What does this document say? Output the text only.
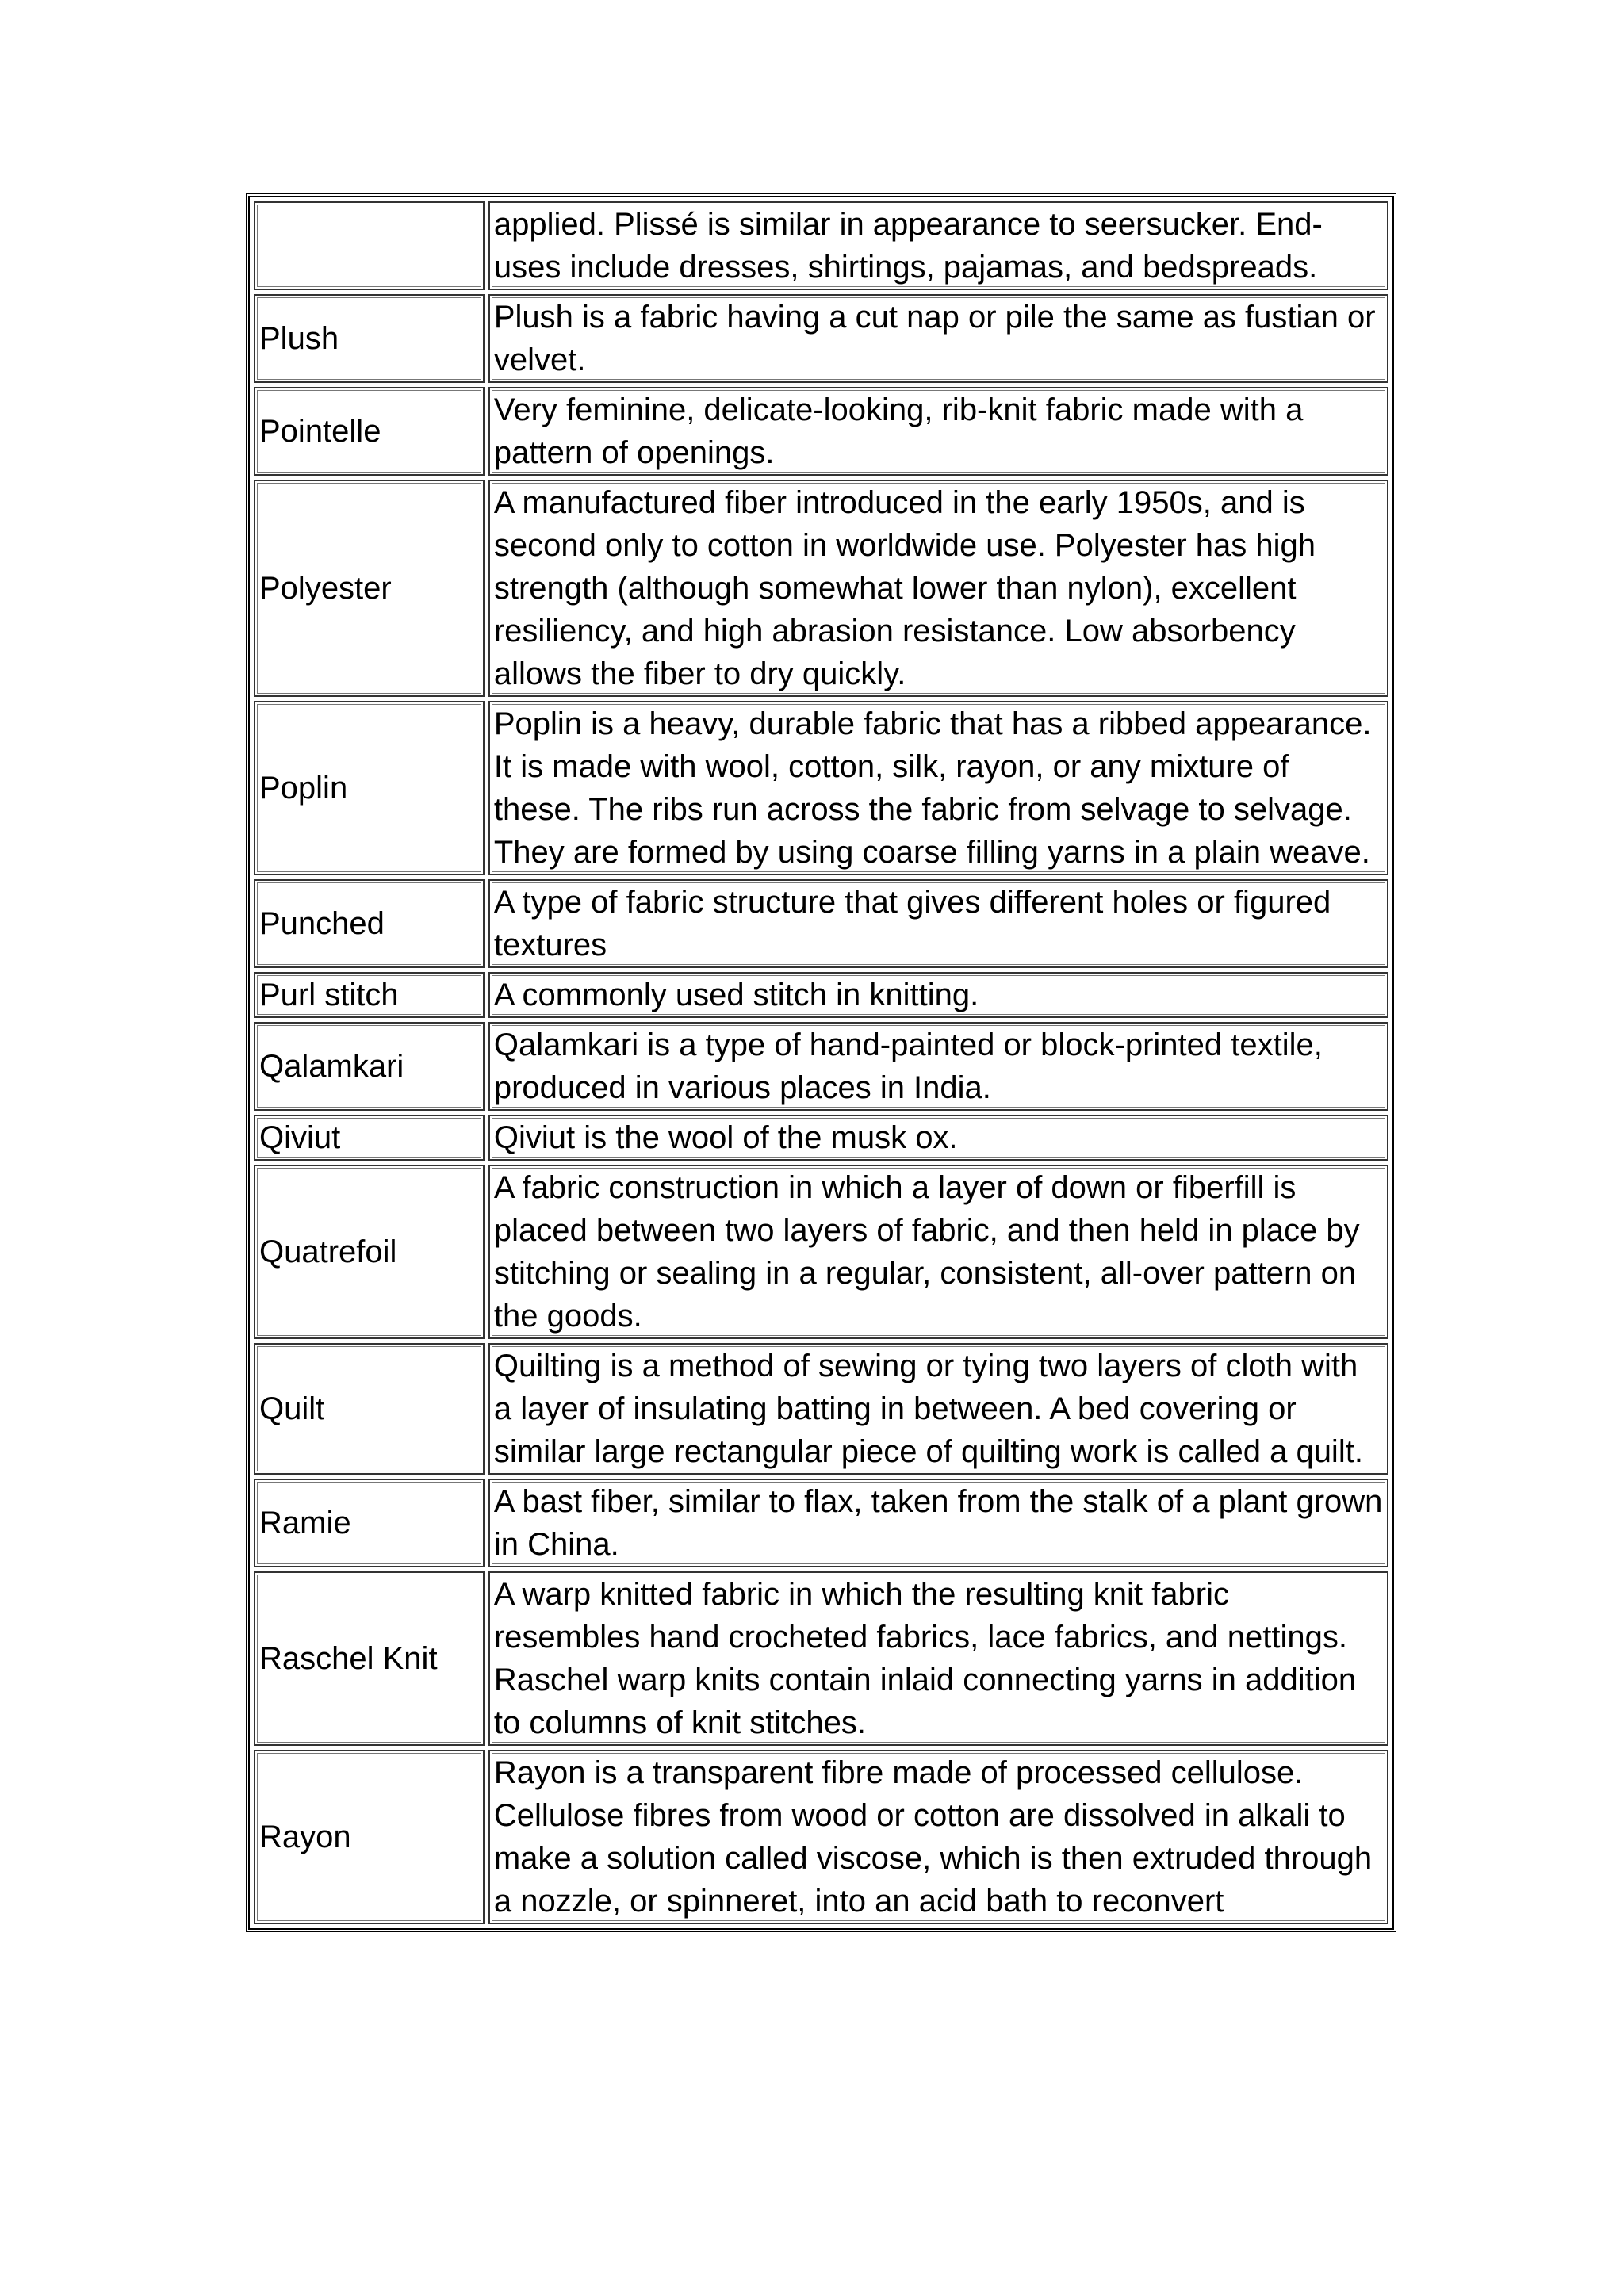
	applied. Plissé is similar in appearance to seersucker. End-uses include dresses, shirtings, pajamas, and bedspreads.
Plush	Plush is a fabric having a cut nap or pile the same as fustian or velvet.
Pointelle	Very feminine, delicate-looking, rib-knit fabric made with a pattern of openings.
Polyester	A manufactured fiber introduced in the early 1950s, and is second only to cotton in worldwide use. Polyester has high strength (although somewhat lower than nylon), excellent resiliency, and high abrasion resistance. Low absorbency allows the fiber to dry quickly.
Poplin	Poplin is a heavy, durable fabric that has a ribbed appearance. It is made with wool, cotton, silk, rayon, or any mixture of these. The ribs run across the fabric from selvage to selvage. They are formed by using coarse filling yarns in a plain weave.
Punched	A type of fabric structure that gives different holes or figured textures
Purl stitch	A commonly used stitch in knitting.
Qalamkari	Qalamkari is a type of hand-painted or block-printed textile, produced in various places in India.
Qiviut	Qiviut is the wool of the musk ox.
Quatrefoil	A fabric construction in which a layer of down or fiberfill is placed between two layers of fabric, and then held in place by stitching or sealing in a regular, consistent, all-over pattern on the goods.
Quilt	Quilting is a method of sewing or tying two layers of cloth with a layer of insulating batting in between. A bed covering or similar large rectangular piece of quilting work is called a quilt.
Ramie	A bast fiber, similar to flax, taken from the stalk of a plant grown in China.
Raschel Knit	A warp knitted fabric in which the resulting knit fabric resembles hand crocheted fabrics, lace fabrics, and nettings. Raschel warp knits contain inlaid connecting yarns in addition to columns of knit stitches.
Rayon	Rayon is a transparent fibre made of processed cellulose. Cellulose fibres from wood or cotton are dissolved in alkali to make a solution called viscose, which is then extruded through a nozzle, or spinneret, into an acid bath to reconvert
